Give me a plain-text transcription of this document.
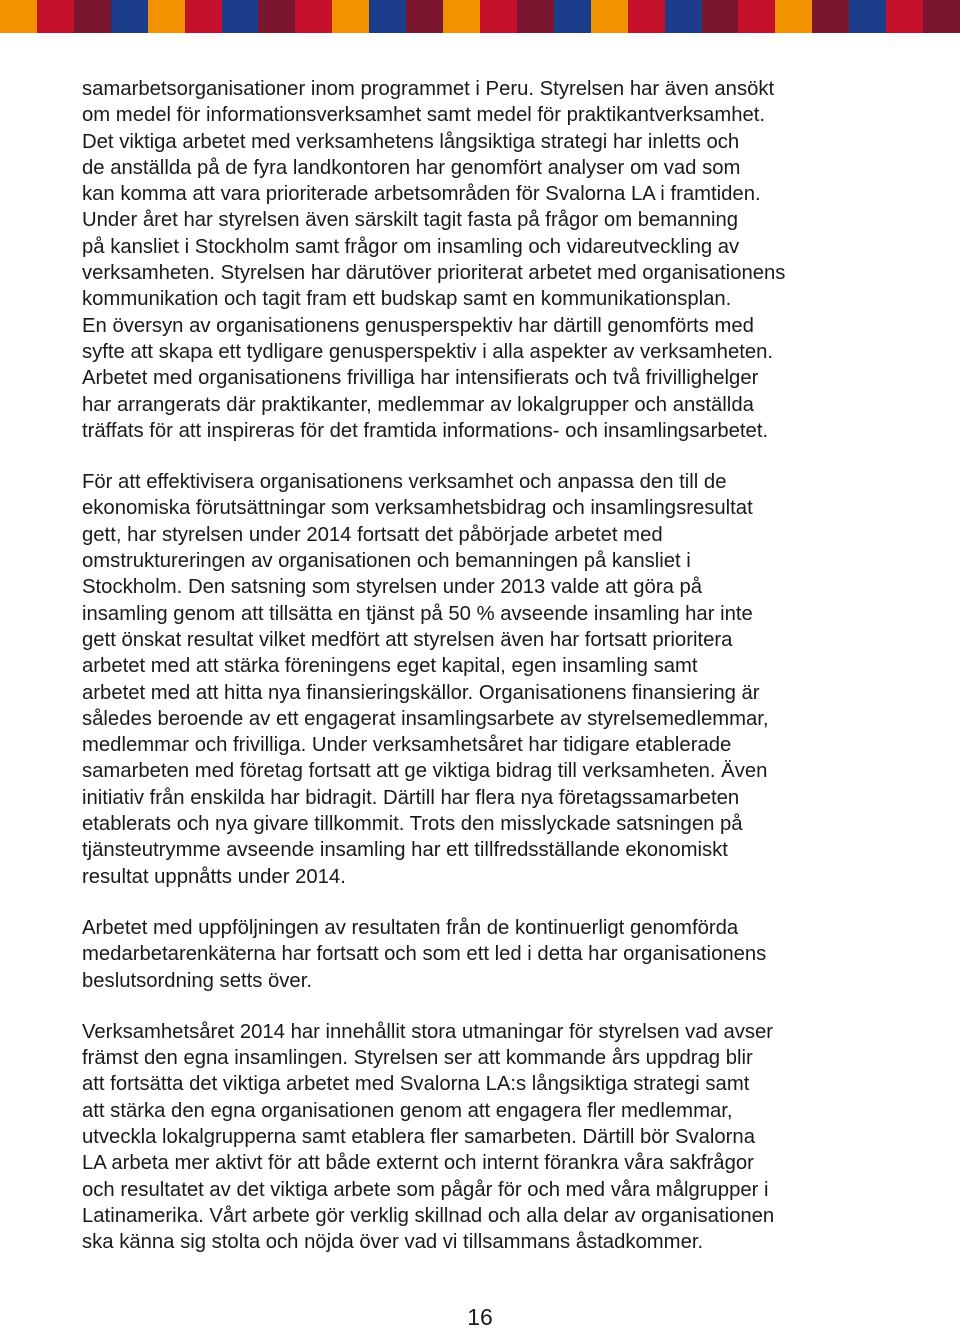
samarbetsorganisationer inom programmet i Peru. Styrelsen har även ansökt
om medel för informationsverksamhet samt medel för praktikantverksamhet.
Det viktiga arbetet med verksamhetens långsiktiga strategi har inletts och
de anställda på de fyra landkontoren har genomfört analyser om vad som
kan komma att vara prioriterade arbetsområden för Svalorna LA i framtiden.
Under året har styrelsen även särskilt tagit fasta på frågor om bemanning
på kansliet i Stockholm samt frågor om insamling och vidareutveckling av
verksamheten. Styrelsen har därutöver prioriterat arbetet med organisationens
kommunikation och tagit fram ett budskap samt en kommunikationsplan.
En översyn av organisationens genusperspektiv har därtill genomförts med
syfte att skapa ett tydligare genusperspektiv i alla aspekter av verksamheten.
Arbetet med organisationens frivilliga har intensifierats och två frivillighelger
har arrangerats där praktikanter, medlemmar av lokalgrupper och anställda
träffats för att inspireras för det framtida informations- och insamlingsarbetet.

För att effektivisera organisationens verksamhet och anpassa den till de
ekonomiska förutsättningar som verksamhetsbidrag och insamlingsresultat
gett, har styrelsen under 2014 fortsatt det påbörjade arbetet med
omstruktureringen av organisationen och bemanningen på kansliet i
Stockholm. Den satsning som styrelsen under 2013 valde att göra på
insamling genom att tillsätta en tjänst på 50 % avseende insamling har inte
gett önskat resultat vilket medfört att styrelsen även har fortsatt prioritera
arbetet med att stärka föreningens eget kapital, egen insamling samt
arbetet med att hitta nya finansieringskällor. Organisationens finansiering är
således beroende av ett engagerat insamlingsarbete av styrelsemedlemmar,
medlemmar och frivilliga. Under verksamhetsåret har tidigare etablerade
samarbeten med företag fortsatt att ge viktiga bidrag till verksamheten. Även
initiativ från enskilda har bidragit. Därtill har flera nya företagssamarbeten
etablerats och nya givare tillkommit. Trots den misslyckade satsningen på
tjänsteutrymme avseende insamling har ett tillfredsställande ekonomiskt
resultat uppnåtts under 2014.

Arbetet med uppföljningen av resultaten från de kontinuerligt genomförda
medarbetarenkäterna har fortsatt och som ett led i detta har organisationens
beslutsordning setts över.

Verksamhetsåret 2014 har innehållit stora utmaningar för styrelsen vad avser
främst den egna insamlingen. Styrelsen ser att kommande års uppdrag blir
att fortsätta det viktiga arbetet med Svalorna LA:s långsiktiga strategi samt
att stärka den egna organisationen genom att engagera fler medlemmar,
utveckla lokalgrupperna samt etablera fler samarbeten. Därtill bör Svalorna
LA arbeta mer aktivt för att både externt och internt förankra våra sakfrågor
och resultatet av det viktiga arbete som pågår för och med våra målgrupper i
Latinamerika. Vårt arbete gör verklig skillnad och alla delar av organisationen
ska känna sig stolta och nöjda över vad vi tillsammans åstadkommer.

16
